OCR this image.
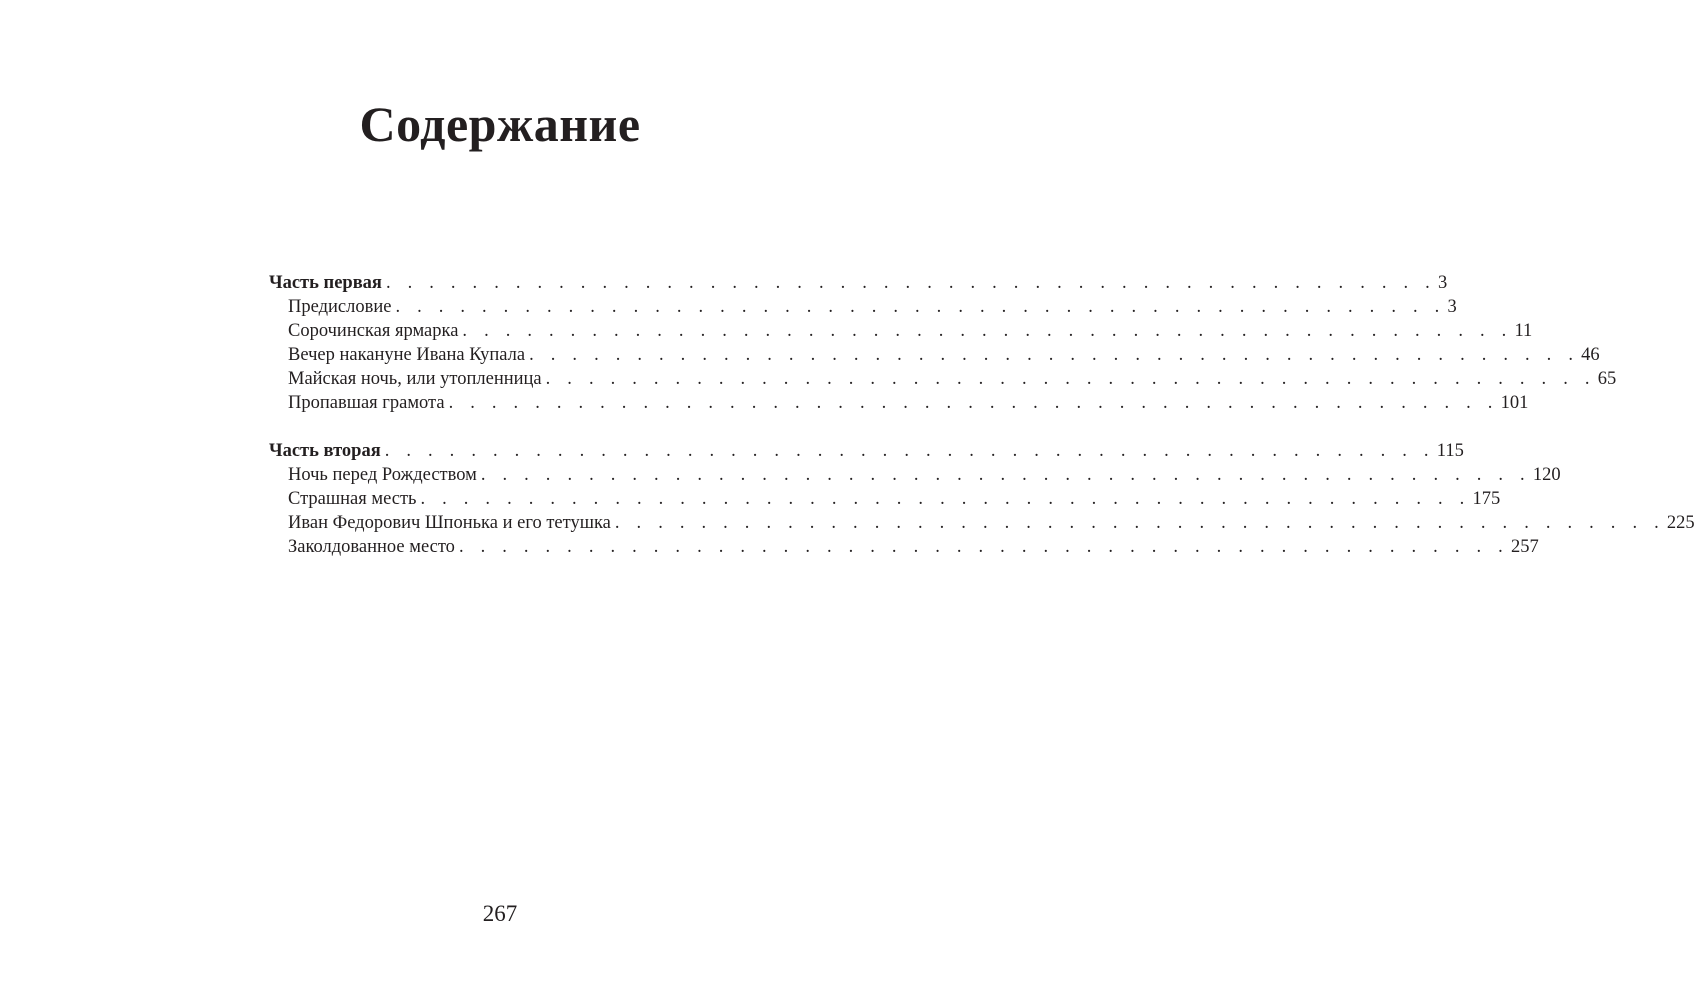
Содержание
Часть первая . . . . . . . . . . . . . . . . . . . . . . . . . . . . . . . . . . . . . . . . . . . . . . . . . 3
Предисловие . . . . . . . . . . . . . . . . . . . . . . . . . . . . . . . . . . . . . . . . . . . . . . . . . 3
Сорочинская ярмарка . . . . . . . . . . . . . . . . . . . . . . . . . . . . . . . . . . . . . . . . . . . . . . . . . 11
Вечер накануне Ивана Купала . . . . . . . . . . . . . . . . . . . . . . . . . . . . . . . . . . . . . . . . . . . . . . . . . 46
Майская ночь, или утопленница . . . . . . . . . . . . . . . . . . . . . . . . . . . . . . . . . . . . . . . . . . . . . . . . . 65
Пропавшая грамота . . . . . . . . . . . . . . . . . . . . . . . . . . . . . . . . . . . . . . . . . . . . . . . . . 101
Часть вторая . . . . . . . . . . . . . . . . . . . . . . . . . . . . . . . . . . . . . . . . . . . . . . . . . 115
Ночь перед Рождеством . . . . . . . . . . . . . . . . . . . . . . . . . . . . . . . . . . . . . . . . . . . . . . . . . 120
Страшная месть . . . . . . . . . . . . . . . . . . . . . . . . . . . . . . . . . . . . . . . . . . . . . . . . . 175
Иван Федорович Шпонька и его тетушка . . . . . . . . . . . . . . . . . . . . . . . . . . . . . . . . . . . . . . . . . . . . . . . . . 225
Заколдованное место . . . . . . . . . . . . . . . . . . . . . . . . . . . . . . . . . . . . . . . . . . . . . . . . . 257
267
